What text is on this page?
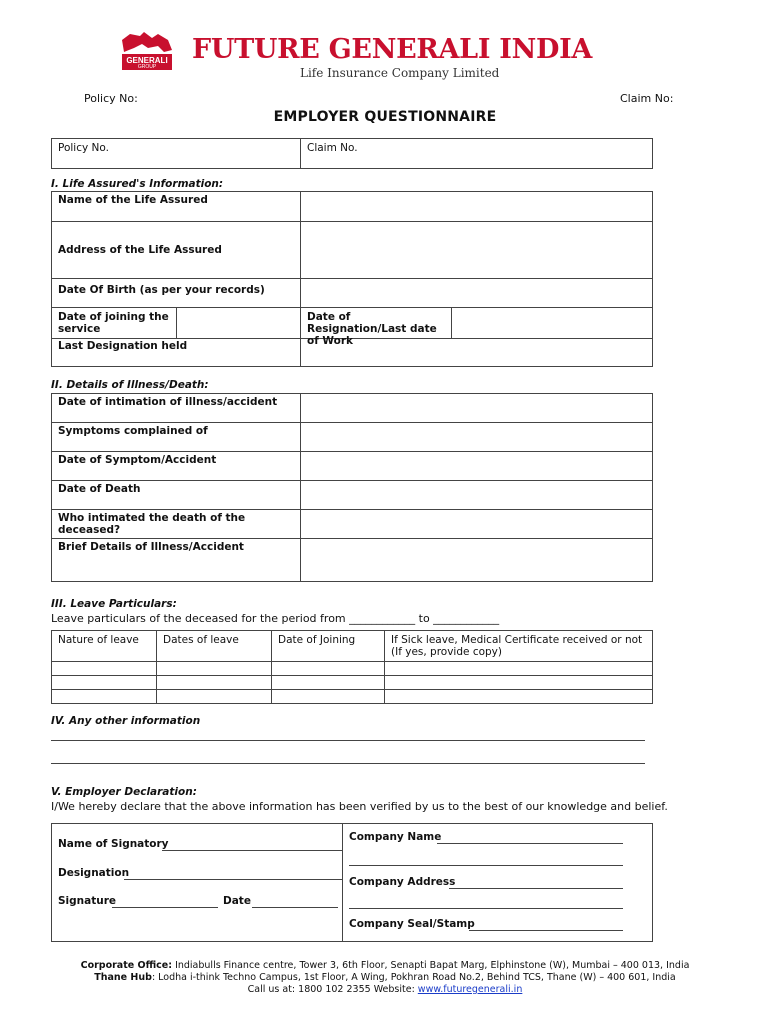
GENERALI
GROUP
FUTURE GENERALI INDIA
Life Insurance Company Limited
Policy No:	Claim No:
EMPLOYER QUESTIONNAIRE
Policy No.	Claim No.
I. Life Assured's Information:
Name of the Life Assured	
Address of the Life Assured	
Date Of Birth (as per your records)	

Date of joining the service	Date of Resignation/Last date of Work

Last Designation held	
II. Details of Illness/Death:
Date of intimation of illness/accident	
Symptoms complained of	
Date of Symptom/Accident	
Date of Death	
Who intimated the death of the deceased?	
Brief Details of Illness/Accident	
III. Leave Particulars:
Leave particulars of the deceased for the period from ____________ to ____________
Nature of leave	Dates of leave	Date of Joining	If Sick leave, Medical Certificate received or not (If yes, provide copy)

IV. Any other information
V. Employer Declaration:
I/We hereby declare that the above information has been verified by us to the best of our knowledge and belief.
Name of Signatory
Designation
Signature	Date

Company Name
Company Address
Company Seal/Stamp
Corporate Office: Indiabulls Finance centre, Tower 3, 6th Floor, Senapti Bapat Marg, Elphinstone (W), Mumbai – 400 013, India
Thane Hub: Lodha i-think Techno Campus, 1st Floor, A Wing, Pokhran Road No.2, Behind TCS, Thane (W) – 400 601, India
Call us at: 1800 102 2355 Website: www.futuregenerali.in
